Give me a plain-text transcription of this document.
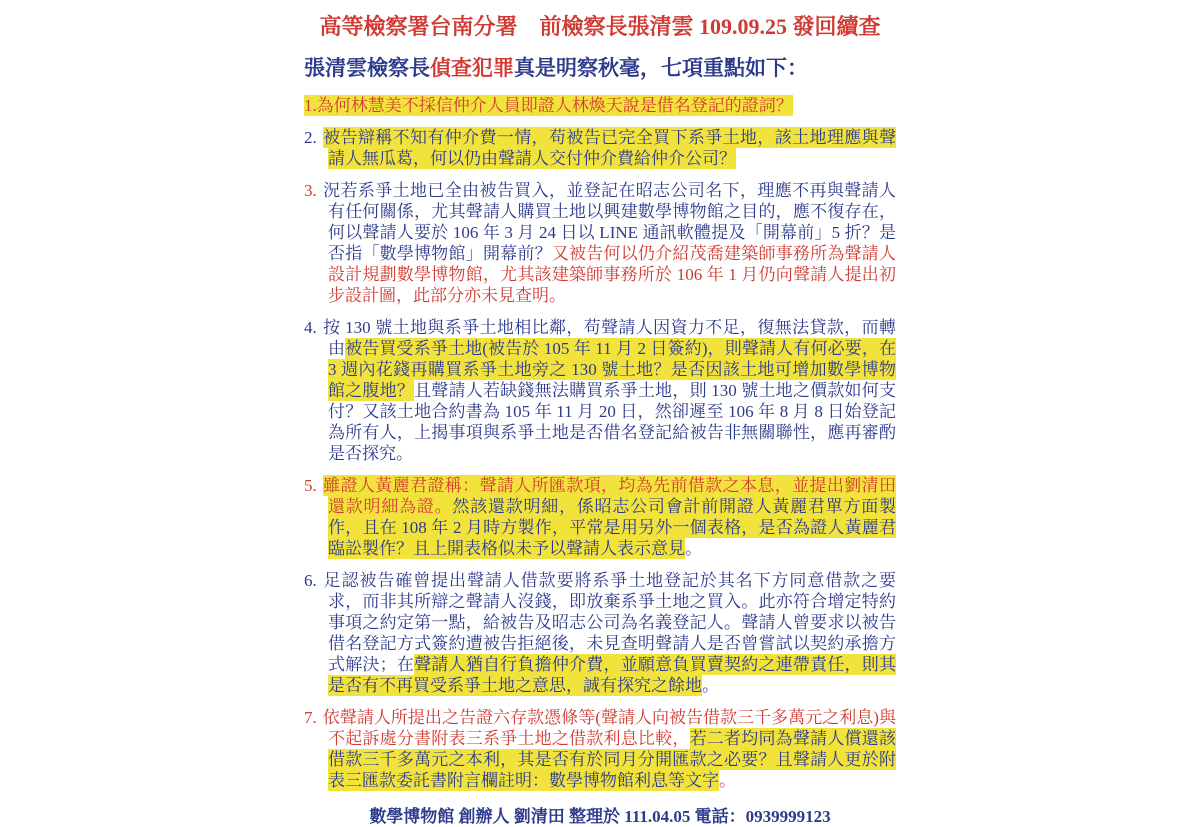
高等檢察署台南分署　前檢察長張清雲 109.09.25 發回續查
張清雲檢察長偵查犯罪真是明察秋毫，七項重點如下：
1.為何林慧美不採信仲介人員即證人林煥天說是借名登記的證詞？
2. 被告辯稱不知有仲介費一情，苟被告已完全買下系爭土地，該土地理應與聲請人無瓜葛，何以仍由聲請人交付仲介費給仲介公司？
3. 況若系爭土地已全由被告買入，並登記在昭志公司名下，理應不再與聲請人有任何關係，尤其聲請人購買土地以興建數學博物館之目的，應不復存在，何以聲請人要於 106 年 3 月 24 日以 LINE 通訊軟體提及「開幕前」5 折？是否指「數學博物館」開幕前？又被告何以仍介紹茂喬建築師事務所為聲請人設計規劃數學博物館，尤其該建築師事務所於 106 年 1 月仍向聲請人提出初步設計圖，此部分亦未見查明。
4. 按 130 號土地與系爭土地相比鄰，苟聲請人因資力不足，復無法貸款，而轉由被告買受系爭土地(被告於 105 年 11 月 2 日簽約)，則聲請人有何必要，在 3 週內花錢再購買系爭土地旁之 130 號土地？是否因該土地可增加數學博物館之腹地？且聲請人若缺錢無法購買系爭土地，則 130 號土地之價款如何支付？又該土地合約書為 105 年 11 月 20 日，然卻遲至 106 年 8 月 8 日始登記為所有人，上揭事項與系爭土地是否借名登記給被告非無關聯性，應再審酌是否探究。
5. 雖證人黃麗君證稱：聲請人所匯款項，均為先前借款之本息，並提出劉清田還款明細為證。然該還款明細，係昭志公司會計前開證人黃麗君單方面製作，且在 108 年 2 月時方製作，平常是用另外一個表格，是否為證人黃麗君臨訟製作？且上開表格似未予以聲請人表示意見。
6. 足認被告確曾提出聲請人借款要將系爭土地登記於其名下方同意借款之要求，而非其所辯之聲請人沒錢，即放棄系爭土地之買入。此亦符合增定特約事項之約定第一點，給被告及昭志公司為名義登記人。聲請人曾要求以被告借名登記方式簽約遭被告拒絕後，未見查明聲請人是否曾嘗試以契約承擔方式解決；在聲請人猶自行負擔仲介費，並願意負買賣契約之連帶責任，則其是否有不再買受系爭土地之意思，誠有探究之餘地。
7. 依聲請人所提出之告證六存款憑條等(聲請人向被告借款三千多萬元之利息)與不起訴處分書附表三系爭土地之借款利息比較，若二者均同為聲請人償還該借款三千多萬元之本利，其是否有於同月分開匯款之必要？且聲請人更於附表三匯款委託書附言欄註明：數學博物館利息等文字。
數學博物館 創辦人 劉清田 整理於 111.04.05 電話：0939999123
